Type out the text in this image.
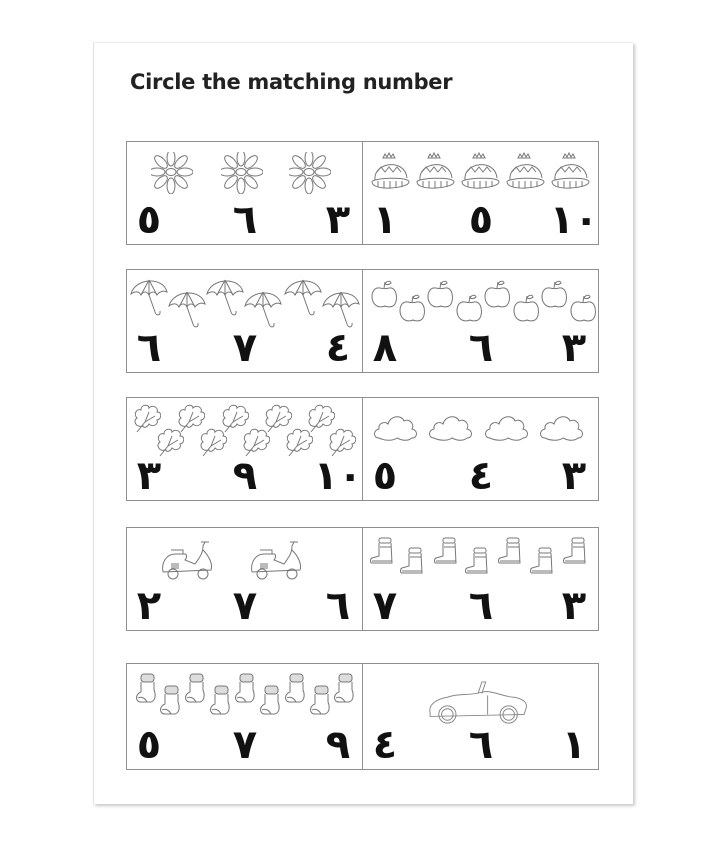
Circle the matching number
٥	٦	٣ ١	٥	١٠
٦	٧	٤ ٨	٦	٣
٣	٩	١٠ ٥	٤	٣
٢	٧	٦ ٧	٦	٣
٥	٧	٩ ٤	٦	١
